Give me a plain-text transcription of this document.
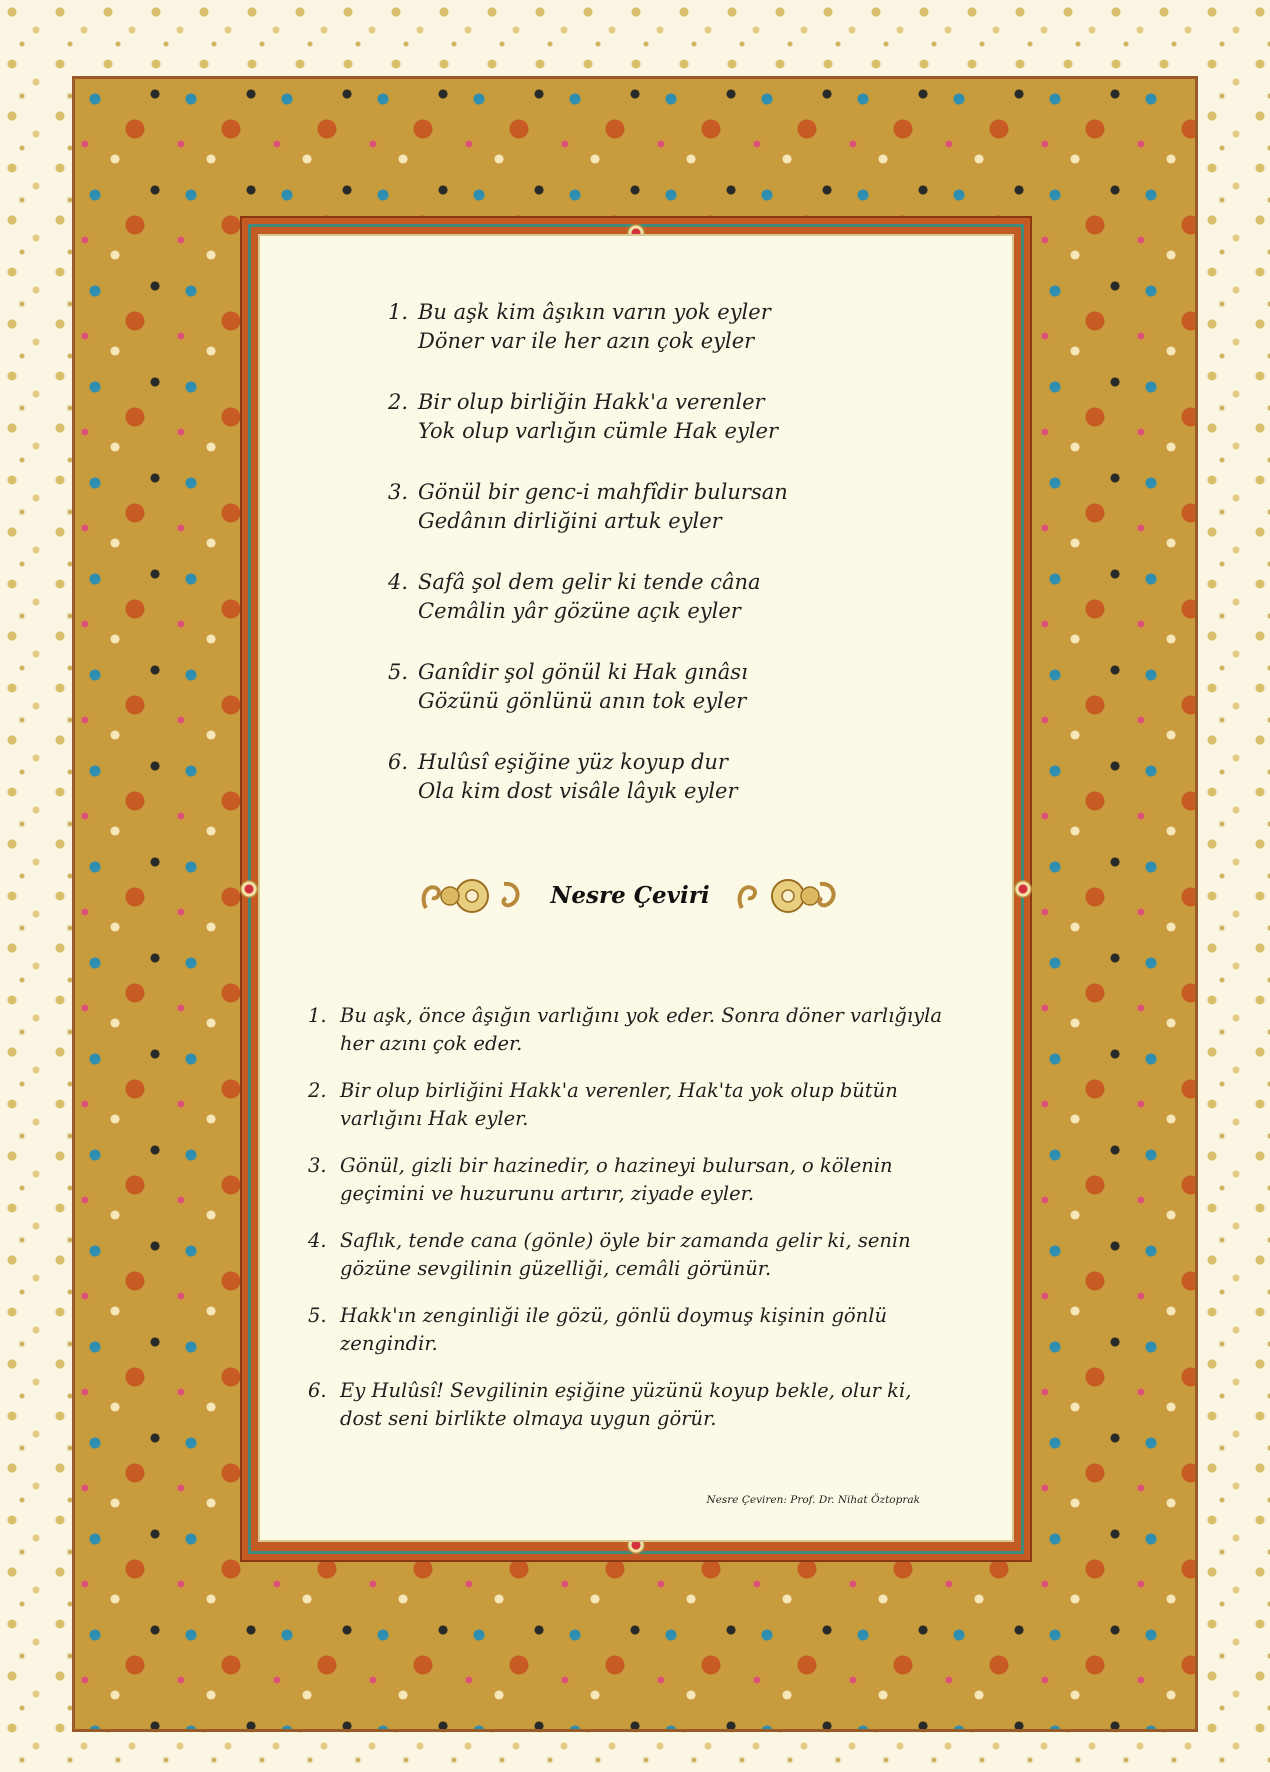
1. Bu aşk kim âşıkın varın yok eyler
Döner var ile her azın çok eyler
2. Bir olup birliğin Hakk'a verenler
Yok olup varlığın cümle Hak eyler
3. Gönül bir genc-i mahfîdir bulursan
Gedânın dirliğini artuk eyler
4. Safâ şol dem gelir ki tende câna
Cemâlin yâr gözüne açık eyler
5. Ganîdir şol gönül ki Hak gınâsı
Gözünü gönlünü anın tok eyler
6. Hulûsî eşiğine yüz koyup dur
Ola kim dost visâle lâyık eyler
Nesre Çeviri
1. Bu aşk, önce âşığın varlığını yok eder. Sonra döner varlığıyla her azını çok eder.
2. Bir olup birliğini Hakk'a verenler, Hak'ta yok olup bütün varlığını Hak eyler.
3. Gönül, gizli bir hazinedir, o hazineyi bulursan, o kölenin geçimini ve huzurunu artırır, ziyade eyler.
4. Saflık, tende cana (gönle) öyle bir zamanda gelir ki, senin gözüne sevgilinin güzelliği, cemâli görünür.
5. Hakk'ın zenginliği ile gözü, gönlü doymuş kişinin gönlü zengindir.
6. Ey Hulûsî! Sevgilinin eşiğine yüzünü koyup bekle, olur ki, dost seni birlikte olmaya uygun görür.
Nesre Çeviren: Prof. Dr. Nihat Öztoprak
